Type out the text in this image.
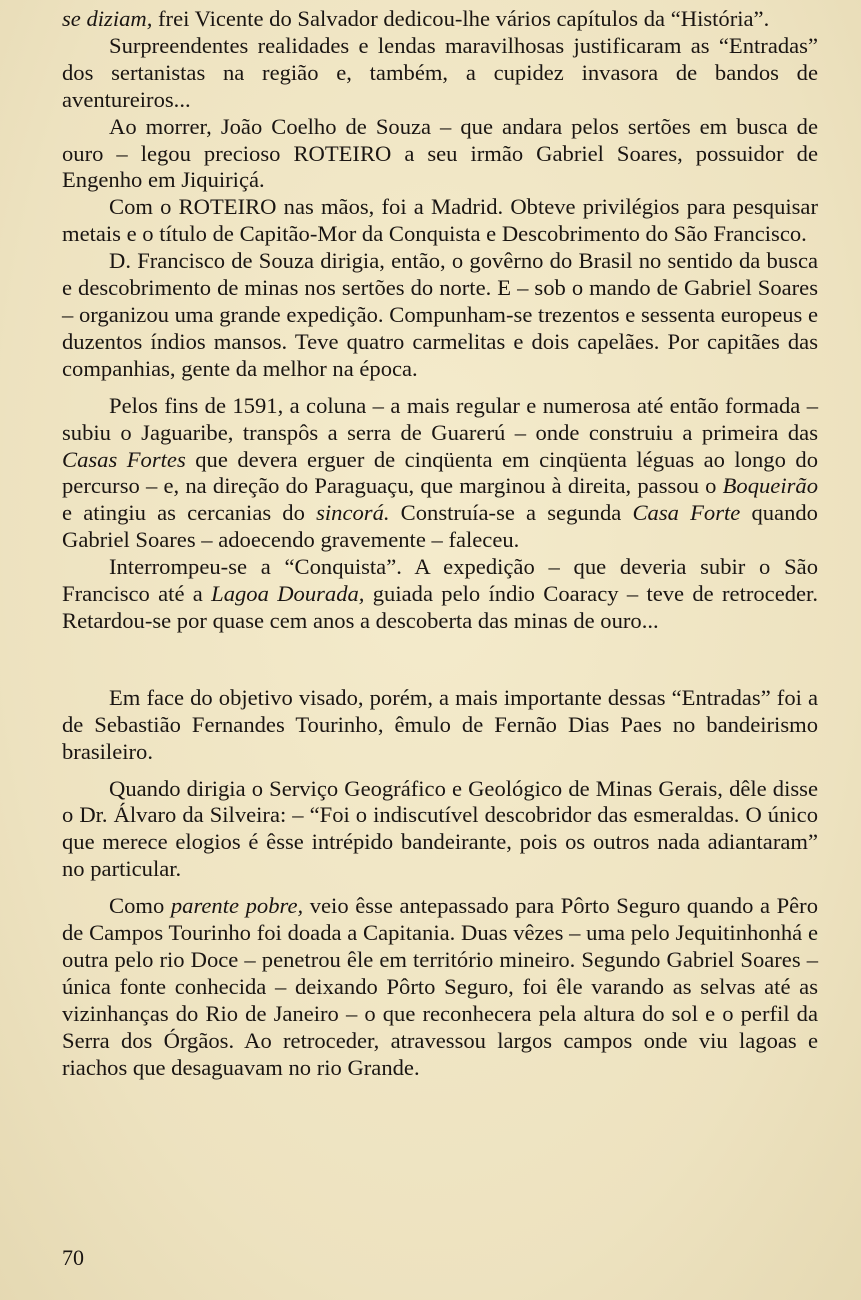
se diziam, frei Vicente do Salvador dedicou-lhe vários capítulos da “História”.

Surpreendentes realidades e lendas maravilhosas justificaram as “Entradas” dos sertanistas na região e, também, a cupidez invasora de bandos de aventureiros...

Ao morrer, João Coelho de Souza – que andara pelos sertões em busca de ouro – legou precioso ROTEIRO a seu irmão Gabriel Soares, possuidor de Engenho em Jiquiriçá.

Com o ROTEIRO nas mãos, foi a Madrid. Obteve privilégios para pesquisar metais e o título de Capitão-Mor da Conquista e Descobrimento do São Francisco.

D. Francisco de Souza dirigia, então, o govêrno do Brasil no sentido da busca e descobrimento de minas nos sertões do norte. E – sob o mando de Gabriel Soares – organizou uma grande expedição. Compunham-se trezentos e sessenta europeus e duzentos índios mansos. Teve quatro carmelitas e dois capelães. Por capitães das companhias, gente da melhor na época.

Pelos fins de 1591, a coluna – a mais regular e numerosa até então formada – subiu o Jaguaribe, transpôs a serra de Guarerú – onde construiu a primeira das Casas Fortes que devera erguer de cinqüenta em cinqüenta léguas ao longo do percurso – e, na direção do Paraguaçu, que marginou à direita, passou o Boqueirão e atingiu as cercanias do sincorá. Construía-se a segunda Casa Forte quando Gabriel Soares – adoecendo gravemente – faleceu.

Interrompeu-se a “Conquista”. A expedição – que deveria subir o São Francisco até a Lagoa Dourada, guiada pelo índio Coaracy – teve de retroceder. Retardou-se por quase cem anos a descoberta das minas de ouro...

Em face do objetivo visado, porém, a mais importante dessas “Entradas” foi a de Sebastião Fernandes Tourinho, êmulo de Fernão Dias Paes no bandeirismo brasileiro.

Quando dirigia o Serviço Geográfico e Geológico de Minas Gerais, dêle disse o Dr. Álvaro da Silveira: – “Foi o indiscutível descobridor das esmeraldas. O único que merece elogios é êsse intrépido bandeirante, pois os outros nada adiantaram” no particular.

Como parente pobre, veio êsse antepassado para Pôrto Seguro quando a Pêro de Campos Tourinho foi doada a Capitania. Duas vêzes – uma pelo Jequitinhonhá e outra pelo rio Doce – penetrou êle em território mineiro. Segundo Gabriel Soares – única fonte conhecida – deixando Pôrto Seguro, foi êle varando as selvas até as vizinhanças do Rio de Janeiro – o que reconhecera pela altura do sol e o perfil da Serra dos Órgãos. Ao retroceder, atravessou largos campos onde viu lagoas e riachos que desaguavam no rio Grande.

70
